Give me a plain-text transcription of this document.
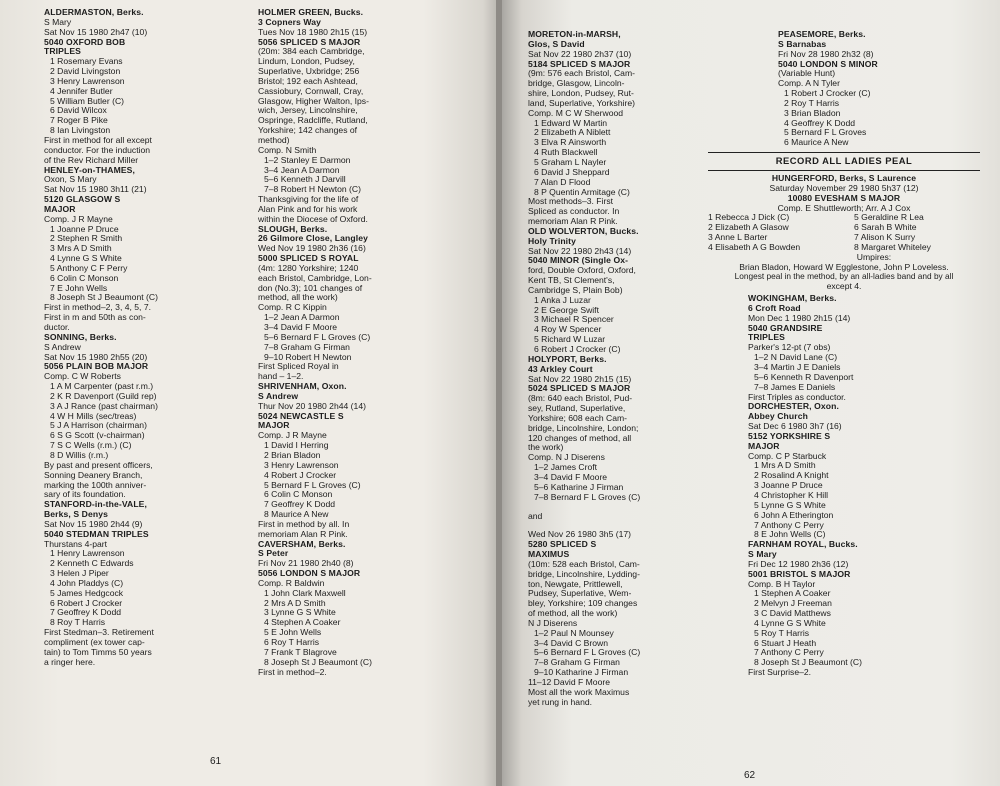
ALDERMASTON, Berks.
S Mary
Sat Nov 15 1980 2h47 (10)
5040 OXFORD BOB
TRIPLES
1 Rosemary Evans
2 David Livingston
3 Henry Lawrenson
4 Jennifer Butler
5 William Butler (C)
6 David Wilcox
7 Roger B Pike
8 Ian Livingston
First in method for all except
conductor. For the induction
of the Rev Richard Miller
HENLEY-on-THAMES,
Oxon, S Mary
Sat Nov 15 1980 3h11 (21)
5120 GLASGOW S
MAJOR
Comp. J R Mayne
1 Joanne P Druce
2 Stephen R Smith
3 Mrs A D Smith
4 Lynne G S White
5 Anthony C F Perry
6 Colin C Monson
7 E John Wells
8 Joseph St J Beaumont (C)
First in method–2, 3, 4, 5, 7.
First in m and 50th as con-
ductor.
SONNING, Berks.
S Andrew
Sat Nov 15 1980 2h55 (20)
5056 PLAIN BOB MAJOR
Comp. C W Roberts
1 A M Carpenter (past r.m.)
2 K R Davenport (Guild rep)
3 A J Rance (past chairman)
4 W H Mills (sec/treas)
5 J A Harrison (chairman)
6 S G Scott (v-chairman)
7 S C Wells (r.m.) (C)
8 D Willis (r.m.)
By past and present officers,
Sonning Deanery Branch,
marking the 100th anniver-
sary of its foundation.
STANFORD-in-the-VALE,
Berks, S Denys
Sat Nov 15 1980 2h44 (9)
5040 STEDMAN TRIPLES
Thurstans 4-part
1 Henry Lawrenson
2 Kenneth C Edwards
3 Helen J Piper
4 John Pladdys (C)
5 James Hedgcock
6 Robert J Crocker
7 Geoffrey K Dodd
8 Roy T Harris
First Stedman–3. Retirement
compliment (ex tower cap-
tain) to Tom Timms 50 years
a ringer here.
HOLMER GREEN, Bucks.
3 Copners Way
Tues Nov 18 1980 2h15 (15)
5056 SPLICED S MAJOR
(20m: 384 each Cambridge,
Lindum, London, Pudsey,
Superlative, Uxbridge; 256
Bristol; 192 each Ashtead,
Cassiobury, Cornwall, Cray,
Glasgow, Higher Walton, Ips-
wich, Jersey, Lincolnshire,
Ospringe, Radcliffe, Rutland,
Yorkshire; 142 changes of
method)
Comp. N Smith
1–2 Stanley E Darmon
3–4 Jean A Darmon
5–6 Kenneth J Darvill
7–8 Robert H Newton (C)
Thanksgiving for the life of
Alan Pink and for his work
within the Diocese of Oxford.
SLOUGH, Berks.
26 Gilmore Close, Langley
Wed Nov 19 1980 2h36 (16)
5000 SPLICED S ROYAL
(4m: 1280 Yorkshire; 1240
each Bristol, Cambridge, Lon-
don (No.3); 101 changes of
method, all the work)
Comp. R C Kippin
1–2 Jean A Darmon
3–4 David F Moore
5–6 Bernard F L Groves (C)
7–8 Graham G Firman
9–10 Robert H Newton
First Spliced Royal in
hand – 1–2.
SHRIVENHAM, Oxon.
S Andrew
Thur Nov 20 1980 2h44 (14)
5024 NEWCASTLE S
MAJOR
Comp. J R Mayne
1 David I Herring
2 Brian Bladon
3 Henry Lawrenson
4 Robert J Crocker
5 Bernard F L Groves (C)
6 Colin C Monson
7 Geoffrey K Dodd
8 Maurice A New
First in method by all. In
memoriam Alan R Pink.
CAVERSHAM, Berks.
S Peter
Fri Nov 21 1980 2h40 (8)
5056 LONDON S MAJOR
Comp. R Baldwin
1 John Clark Maxwell
2 Mrs A D Smith
3 Lynne G S White
4 Stephen A Coaker
5 E John Wells
6 Roy T Harris
7 Frank T Blagrove
8 Joseph St J Beaumont (C)
First in method–2.
61
MORETON-in-MARSH,
Glos, S David
Sat Nov 22 1980 2h37 (10)
5184 SPLICED S MAJOR
(9m: 576 each Bristol, Cam-
bridge, Glasgow, Lincoln-
shire, London, Pudsey, Rut-
land, Superlative, Yorkshire)
Comp. M C W Sherwood
1 Edward W Martin
2 Elizabeth A Niblett
3 Elva R Ainsworth
4 Ruth Blackwell
5 Graham L Nayler
6 David J Sheppard
7 Alan D Flood
8 P Quentin Armitage (C)
Most methods–3. First
Spliced as conductor. In
memoriam Alan R Pink.
OLD WOLVERTON, Bucks.
Holy Trinity
Sat Nov 22 1980 2h43 (14)
5040 MINOR (Single Ox-
ford, Double Oxford, Oxford,
Kent TB, St Clement's,
Cambridge S, Plain Bob)
1 Anka J Luzar
2 E George Swift
3 Michael R Spencer
4 Roy W Spencer
5 Richard W Luzar
6 Robert J Crocker (C)
HOLYPORT, Berks.
43 Arkley Court
Sat Nov 22 1980 2h15 (15)
5024 SPLICED S MAJOR
(8m: 640 each Bristol, Pud-
sey, Rutland, Superlative,
Yorkshire; 608 each Cam-
bridge, Lincolnshire, London;
120 changes of method, all
the work)
Comp. N J Diserens
1–2 James Croft
3–4 David F Moore
5–6 Katharine J Firman
7–8 Bernard F L Groves (C)
and
Wed Nov 26 1980 3h5 (17)
5280 SPLICED S
MAXIMUS
(10m: 528 each Bristol, Cam-
bridge, Lincolnshire, Lydding-
ton, Newgate, Prittlewell,
Pudsey, Superlative, Wem-
bley, Yorkshire; 109 changes
of method, all the work)
N J Diserens
1–2 Paul N Mounsey
3–4 David C Brown
5–6 Bernard F L Groves (C)
7–8 Graham G Firman
9–10 Katharine J Firman
11–12 David F Moore
Most all the work Maximus
yet rung in hand.
PEASEMORE, Berks.
S Barnabas
Fri Nov 28 1980 2h32 (8)
5040 LONDON S MINOR
(Variable Hunt)
Comp. A N Tyler
1 Robert J Crocker (C)
2 Roy T Harris
3 Brian Bladon
4 Geoffrey K Dodd
5 Bernard F L Groves
6 Maurice A New
RECORD ALL LADIES PEAL
HUNGERFORD, Berks, S Laurence
Saturday November 29 1980 5h37 (12)
10080 EVESHAM S MAJOR
Comp. E Shuttleworth; Arr. A J Cox
1 Rebecca J Dick (C)
2 Elizabeth A Glasow
3 Anne L Barter
4 Elisabeth A G Bowden
5 Geraldine R Lea
6 Sarah B White
7 Alison K Surry
8 Margaret Whiteley
Umpires:
Brian Bladon, Howard W Egglestone, John P Loveless.
Longest peal in the method, by an all-ladies band and by all
except 4.
WOKINGHAM, Berks.
6 Croft Road
Mon Dec 1 1980 2h15 (14)
5040 GRANDSIRE
TRIPLES
Parker's 12-pt (7 obs)
1–2 N David Lane (C)
3–4 Martin J E Daniels
5–6 Kenneth R Davenport
7–8 James E Daniels
First Triples as conductor.
DORCHESTER, Oxon.
Abbey Church
Sat Dec 6 1980 3h7 (16)
5152 YORKSHIRE S
MAJOR
Comp. C P Starbuck
1 Mrs A D Smith
2 Rosalind A Knight
3 Joanne P Druce
4 Christopher K Hill
5 Lynne G S White
6 John A Etherington
7 Anthony C Perry
8 E John Wells (C)
FARNHAM ROYAL, Bucks.
S Mary
Fri Dec 12 1980 2h36 (12)
5001 BRISTOL S MAJOR
Comp. B H Taylor
1 Stephen A Coaker
2 Melvyn J Freeman
3 C David Matthews
4 Lynne G S White
5 Roy T Harris
6 Stuart J Heath
7 Anthony C Perry
8 Joseph St J Beaumont (C)
First Surprise–2.
62
